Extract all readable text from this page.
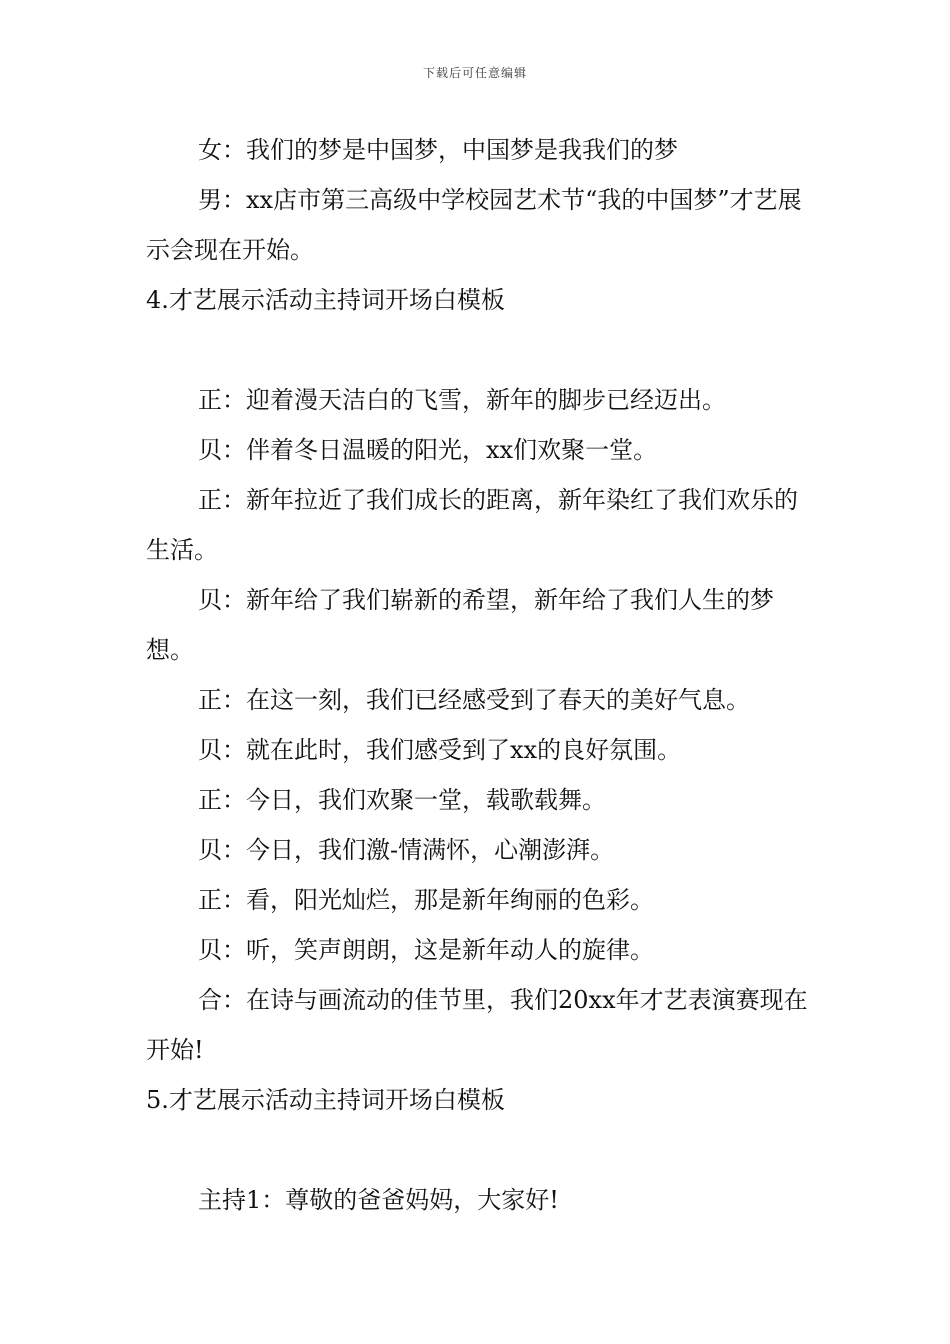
下载后可任意编辑

女：我们的梦是中国梦，中国梦是我我们的梦

男：xx店市第三高级中学校园艺术节“我的中国梦”才艺展示会现在开始。

4.才艺展示活动主持词开场白模板

正：迎着漫天洁白的飞雪，新年的脚步已经迈出。

贝：伴着冬日温暖的阳光，xx们欢聚一堂。

正：新年拉近了我们成长的距离，新年染红了我们欢乐的生活。

贝：新年给了我们崭新的希望，新年给了我们人生的梦想。

正：在这一刻，我们已经感受到了春天的美好气息。

贝：就在此时，我们感受到了xx的良好氛围。

正：今日，我们欢聚一堂，载歌载舞。

贝：今日，我们激-情满怀，心潮澎湃。

正：看，阳光灿烂，那是新年绚丽的色彩。

贝：听，笑声朗朗，这是新年动人的旋律。

合：在诗与画流动的佳节里，我们20xx年才艺表演赛现在开始!

5.才艺展示活动主持词开场白模板

主持1：尊敬的爸爸妈妈，大家好!
